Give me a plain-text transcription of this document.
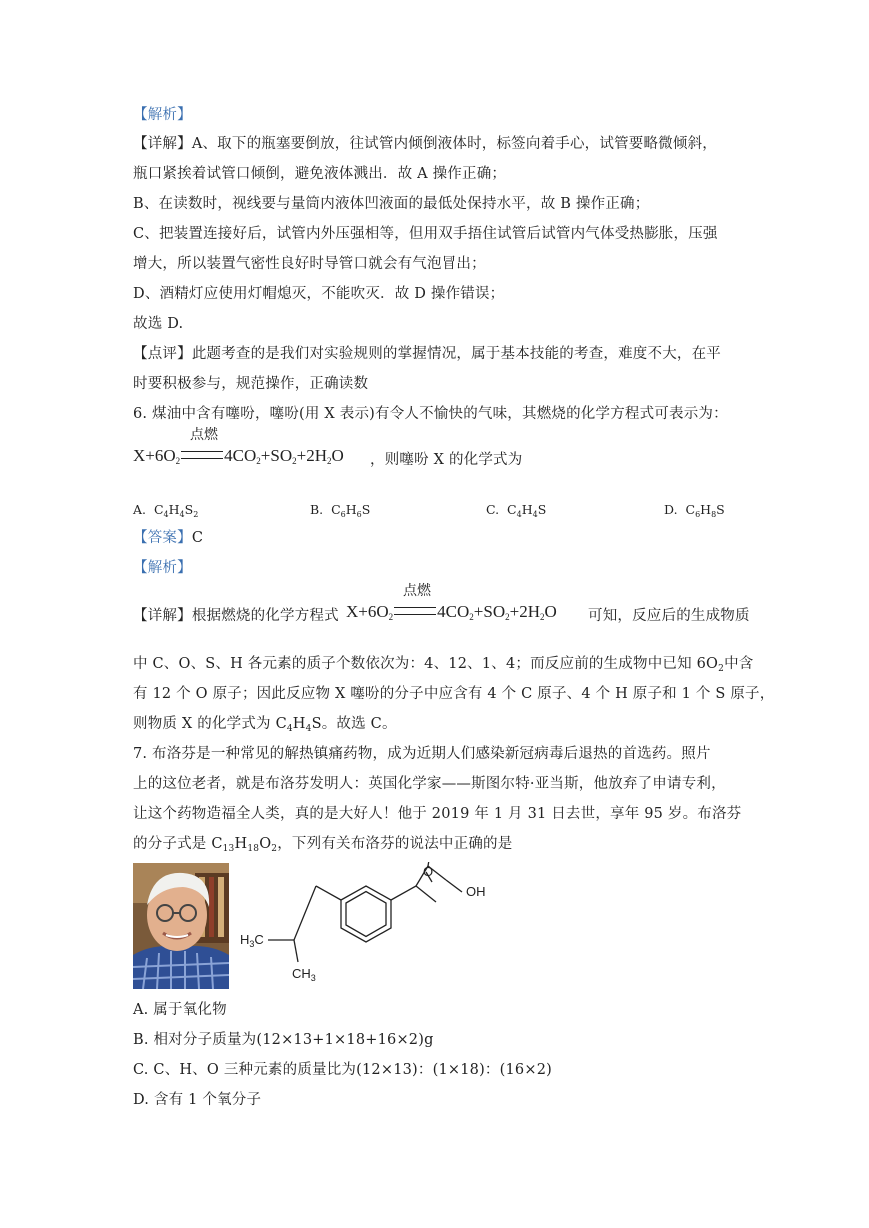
【解析】
【详解】A、取下的瓶塞要倒放，往试管内倾倒液体时，标签向着手心，试管要略微倾斜，
瓶口紧挨着试管口倾倒，避免液体溅出．故 A 操作正确；
B、在读数时，视线要与量筒内液体凹液面的最低处保持水平，故 B 操作正确；
C、把装置连接好后，试管内外压强相等，但用双手捂住试管后试管内气体受热膨胀，压强
增大，所以装置气密性良好时导管口就会有气泡冒出；
D、酒精灯应使用灯帽熄灭，不能吹灭．故 D 操作错误；
故选 D.
【点评】此题考查的是我们对实验规则的掌握情况，属于基本技能的考查，难度不大，在平
时要积极参与，规范操作，正确读数
6. 煤油中含有噻吩，噻吩(用 X 表示)有令人不愉快的气味，其燃烧的化学方程式可表示为：
$X+6O_2$	$4CO_2+SO_2+2H_2O$
点燃
，则噻吩 X 的化学式为
A.  $C_4H_4S_2$	B.  $C_6H_6S$	C.  $C_4H_4S$	D.  $C_6H_8S$
【答案】C
【解析】
【详解】根据燃烧的化学方程式 $X+6O_2$	$4CO_2+SO_2+2H_2O$
点燃
可知，反应后的生成物质
中 C、O、S、H 各元素的质子个数依次为：4、12、1、4；而反应前的生成物中已知 $6O_2$中含
有 12 个 O 原子；因此反应物 X 噻吩的分子中应含有 4 个 C 原子、4 个 H 原子和 1 个 S 原子，
则物质 X 的化学式为 $C_4H_4S$。故选 C。
7. 布洛芬是一种常见的解热镇痛药物，成为近期人们感染新冠病毒后退热的首选药。照片
上的这位老者，就是布洛芬发明人：英国化学家——斯图尔特·亚当斯，他放弃了申请专利，
让这个药物造福全人类，真的是大好人！他于 2019 年 1 月 31 日去世，享年 95 岁。布洛芬
的分子式是 $C_{13}H_{18}O_2$，下列有关布洛芬的说法中正确的是
O
OH
$H_3C$
$CH_3$
A. 属于氧化物
B. 相对分子质量为(12×13+1×18+16×2)g
C. C、H、O 三种元素的质量比为(12×13)：(1×18)：(16×2)
D. 含有 1 个氧分子
